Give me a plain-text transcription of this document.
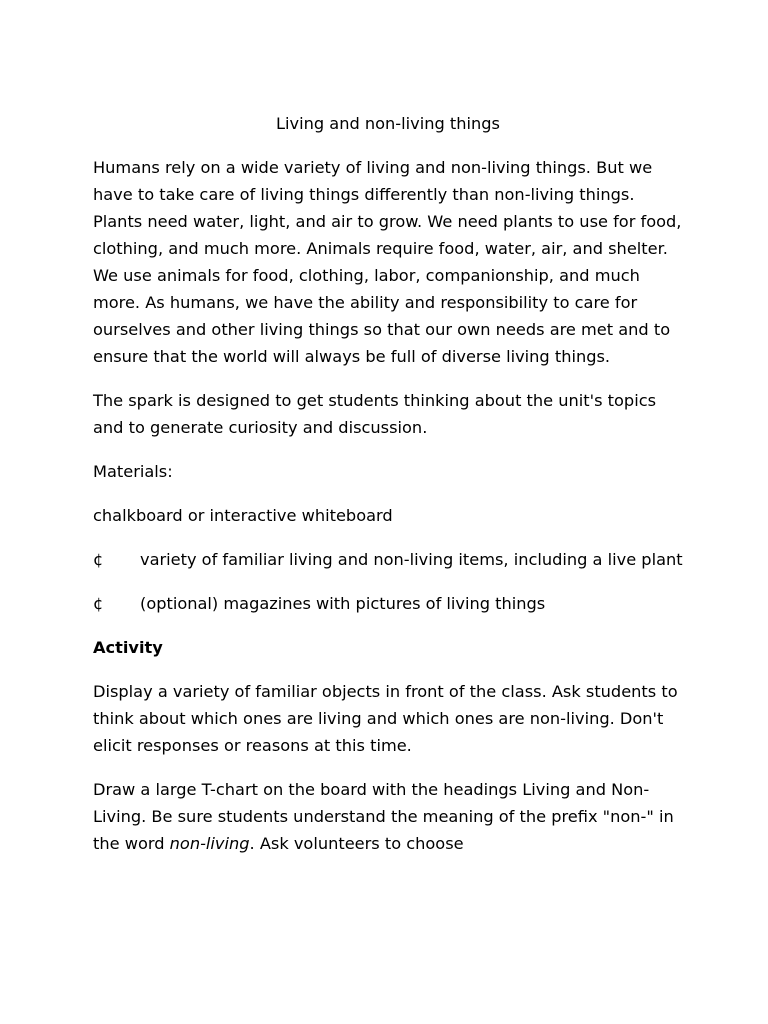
Living and non-living things

Humans rely on a wide variety of living and non-living things. But we have to take care of living things differently than non-living things. Plants need water, light, and air to grow. We need plants to use for food, clothing, and much more. Animals require food, water, air, and shelter. We use animals for food, clothing, labor, companionship, and much more. As humans, we have the ability and responsibility to care for ourselves and other living things so that our own needs are met and to ensure that the world will always be full of diverse living things.

The spark is designed to get students thinking about the unit's topics and to generate curiosity and discussion.

Materials:

chalkboard or interactive whiteboard

¢	variety of familiar living and non-living items, including a live plant
¢	(optional) magazines with pictures of living things
Activity

Display a variety of familiar objects in front of the class. Ask students to think about which ones are living and which ones are non-living. Don't elicit responses or reasons at this time.

Draw a large T-chart on the board with the headings Living and Non- Living. Be sure students understand the meaning of the prefix "non-" in the word non-living. Ask volunteers to choose
